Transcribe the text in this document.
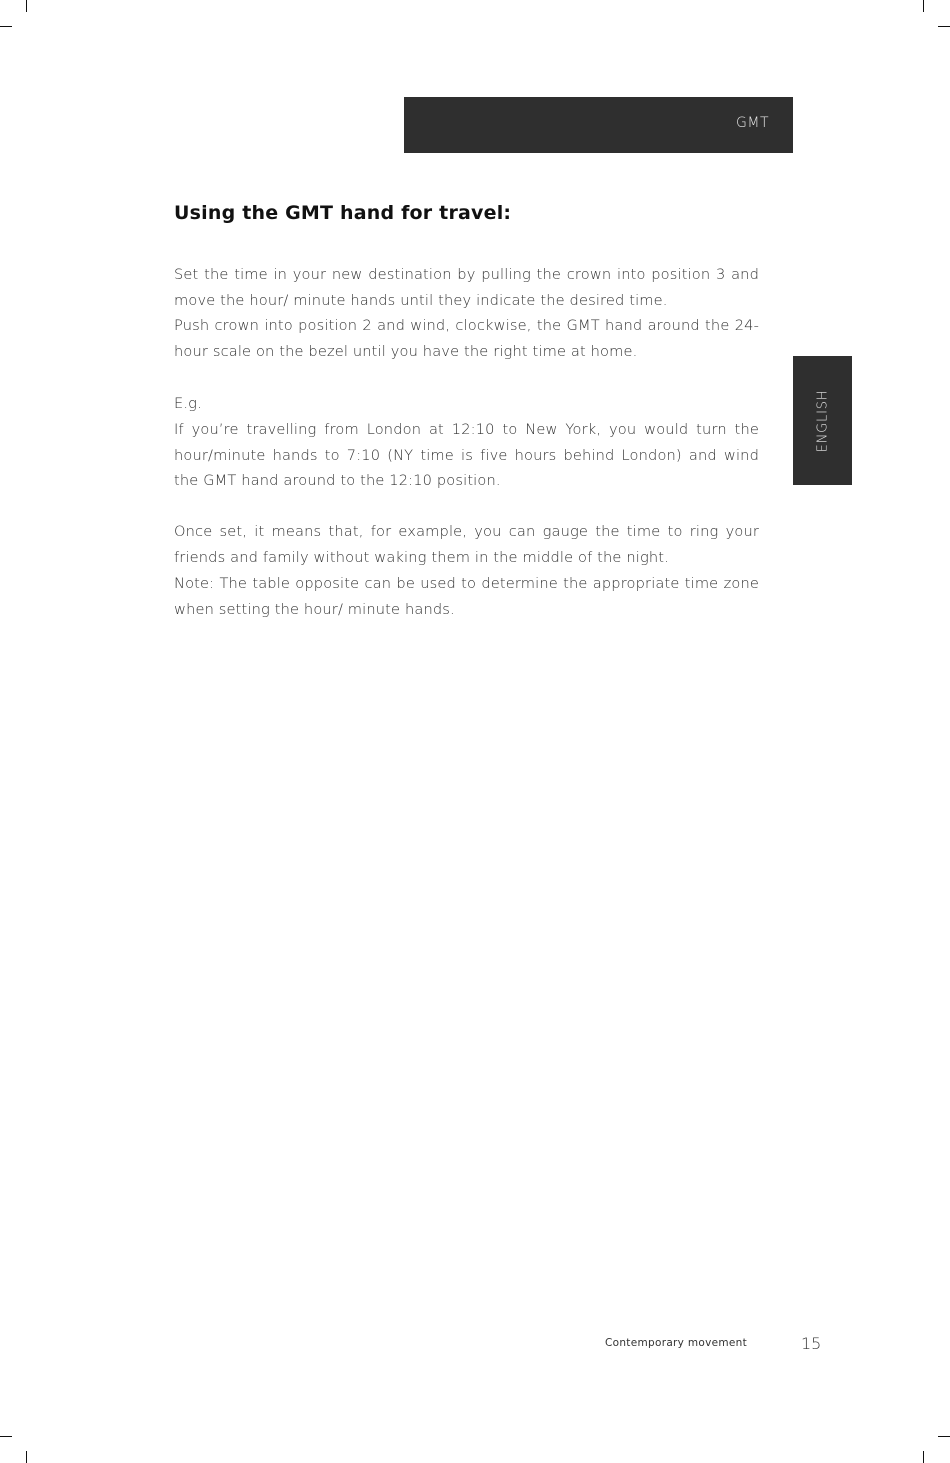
GMT
ENGLISH
Using the GMT hand for travel:

Set the time in your new destination by pulling the crown into position 3 and move the hour/ minute hands until they indicate the desired time.

Push crown into position 2 and wind, clockwise, the GMT hand around the 24-hour scale on the bezel until you have the right time at home.

E.g.

If you’re travelling from London at 12:10 to New York, you would turn the hour/minute hands to 7:10 (NY time is five hours behind London) and wind the GMT hand around to the 12:10 position.

Once set, it means that, for example, you can gauge the time to ring your friends and family without waking them in the middle of the night.

Note: The table opposite can be used to determine the appropriate time zone when setting the hour/ minute hands.

Contemporary movement	15
